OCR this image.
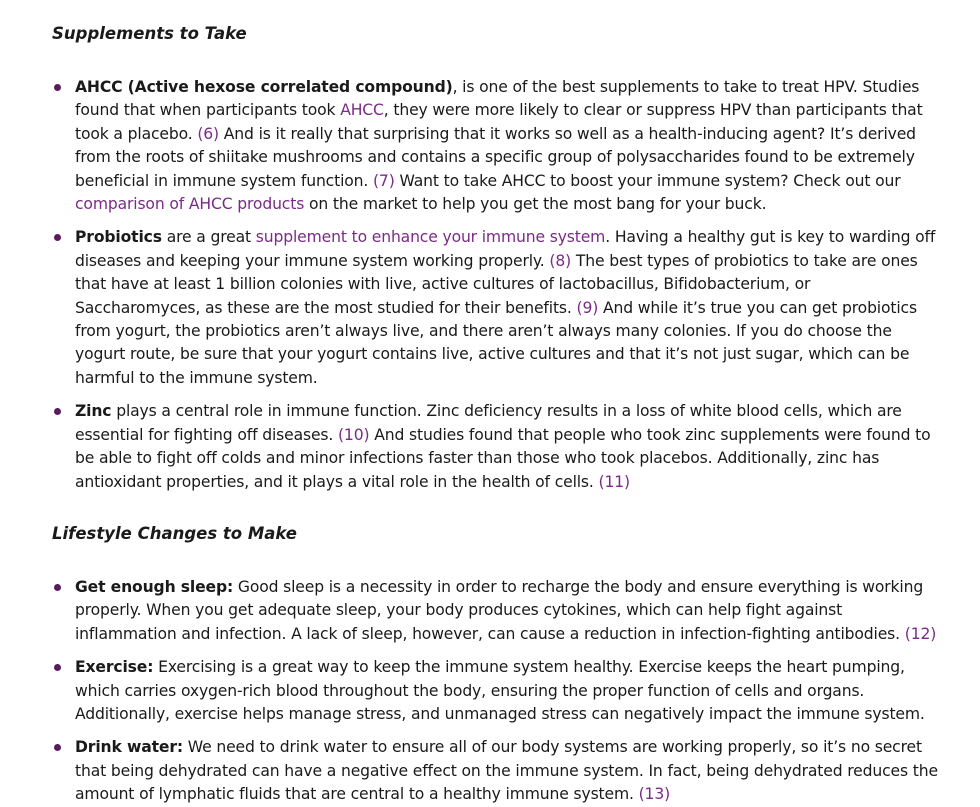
Supplements to Take
AHCC (Active hexose correlated compound), is one of the best supplements to take to treat HPV. Studies found that when participants took AHCC, they were more likely to clear or suppress HPV than participants that took a placebo. (6) And is it really that surprising that it works so well as a health-inducing agent? It’s derived from the roots of shiitake mushrooms and contains a specific group of polysaccharides found to be extremely beneficial in immune system function. (7) Want to take AHCC to boost your immune system? Check out our comparison of AHCC products on the market to help you get the most bang for your buck.
Probiotics are a great supplement to enhance your immune system. Having a healthy gut is key to warding off diseases and keeping your immune system working properly. (8) The best types of probiotics to take are ones that have at least 1 billion colonies with live, active cultures of lactobacillus, Bifidobacterium, or Saccharomyces, as these are the most studied for their benefits. (9) And while it’s true you can get probiotics from yogurt, the probiotics aren’t always live, and there aren’t always many colonies. If you do choose the yogurt route, be sure that your yogurt contains live, active cultures and that it’s not just sugar, which can be harmful to the immune system.
Zinc plays a central role in immune function. Zinc deficiency results in a loss of white blood cells, which are essential for fighting off diseases. (10) And studies found that people who took zinc supplements were found to be able to fight off colds and minor infections faster than those who took placebos. Additionally, zinc has antioxidant properties, and it plays a vital role in the health of cells. (11)
Lifestyle Changes to Make
Get enough sleep: Good sleep is a necessity in order to recharge the body and ensure everything is working properly. When you get adequate sleep, your body produces cytokines, which can help fight against inflammation and infection. A lack of sleep, however, can cause a reduction in infection-fighting antibodies. (12)
Exercise: Exercising is a great way to keep the immune system healthy. Exercise keeps the heart pumping, which carries oxygen-rich blood throughout the body, ensuring the proper function of cells and organs. Additionally, exercise helps manage stress, and unmanaged stress can negatively impact the immune system.
Drink water: We need to drink water to ensure all of our body systems are working properly, so it’s no secret that being dehydrated can have a negative effect on the immune system. In fact, being dehydrated reduces the amount of lymphatic fluids that are central to a healthy immune system. (13)
